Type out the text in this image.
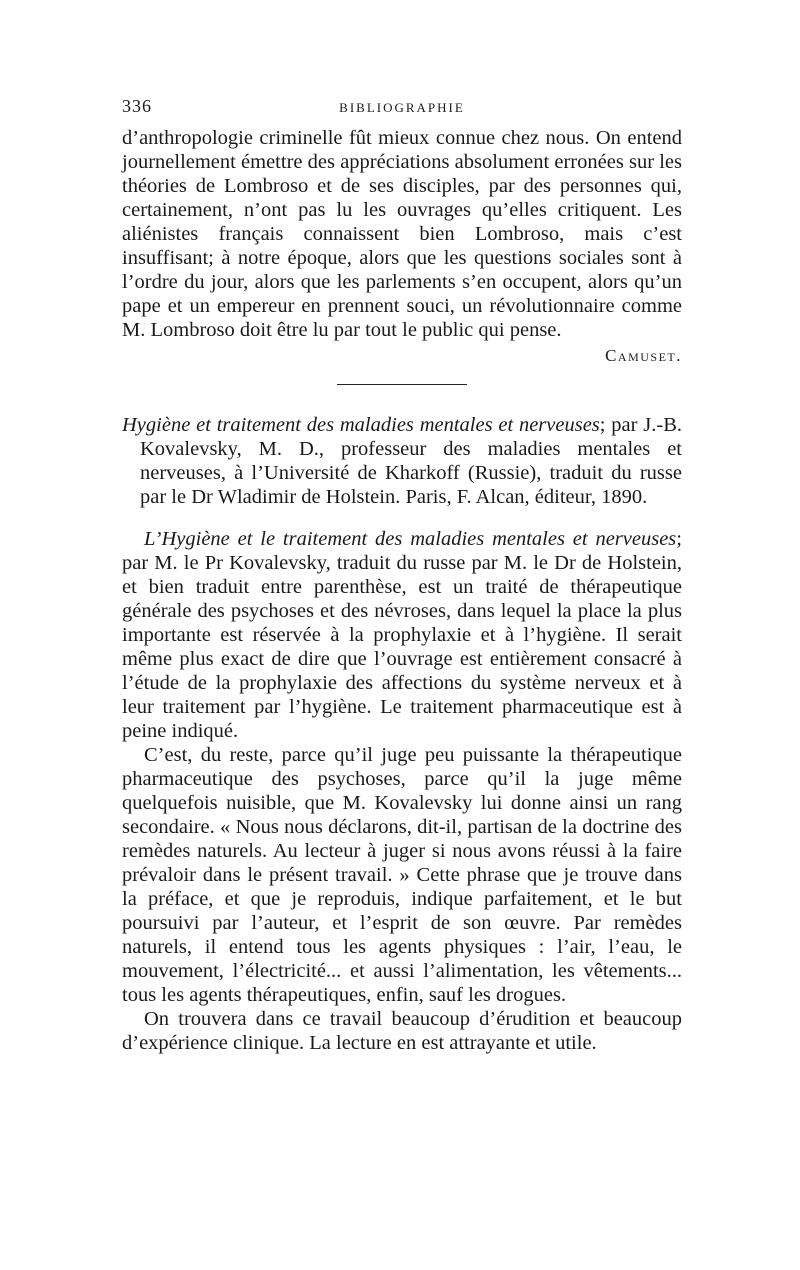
336	BIBLIOGRAPHIE

d’anthropologie criminelle fût mieux connue chez nous. On entend journellement émettre des appréciations absolument erronées sur les théories de Lombroso et de ses disciples, par des personnes qui, certainement, n’ont pas lu les ouvrages qu’elles critiquent. Les aliénistes français connaissent bien Lombroso, mais c’est insuffisant; à notre époque, alors que les questions sociales sont à l’ordre du jour, alors que les parlements s’en occupent, alors qu’un pape et un empereur en prennent souci, un révolutionnaire comme M. Lombroso doit être lu par tout le public qui pense.

Camuset.

Hygiène et traitement des maladies mentales et nerveuses; par J.-B. Kovalevsky, M. D., professeur des maladies mentales et nerveuses, à l’Université de Kharkoff (Russie), traduit du russe par le Dr Wladimir de Holstein. Paris, F. Alcan, éditeur, 1890.

L’Hygiène et le traitement des maladies mentales et nerveuses; par M. le Pr Kovalevsky, traduit du russe par M. le Dr de Holstein, et bien traduit entre parenthèse, est un traité de thérapeutique générale des psychoses et des névroses, dans lequel la place la plus importante est réservée à la prophylaxie et à l’hygiène. Il serait même plus exact de dire que l’ouvrage est entièrement consacré à l’étude de la prophylaxie des affections du système nerveux et à leur traitement par l’hygiène. Le traitement pharmaceutique est à peine indiqué.

C’est, du reste, parce qu’il juge peu puissante la thérapeutique pharmaceutique des psychoses, parce qu’il la juge même quelquefois nuisible, que M. Kovalevsky lui donne ainsi un rang secondaire. « Nous nous déclarons, dit-il, partisan de la doctrine des remèdes naturels. Au lecteur à juger si nous avons réussi à la faire prévaloir dans le présent travail. » Cette phrase que je trouve dans la préface, et que je reproduis, indique parfaitement, et le but poursuivi par l’auteur, et l’esprit de son œuvre. Par remèdes naturels, il entend tous les agents physiques : l’air, l’eau, le mouvement, l’électricité... et aussi l’alimentation, les vêtements... tous les agents thérapeutiques, enfin, sauf les drogues.

On trouvera dans ce travail beaucoup d’érudition et beaucoup d’expérience clinique. La lecture en est attrayante et utile.
